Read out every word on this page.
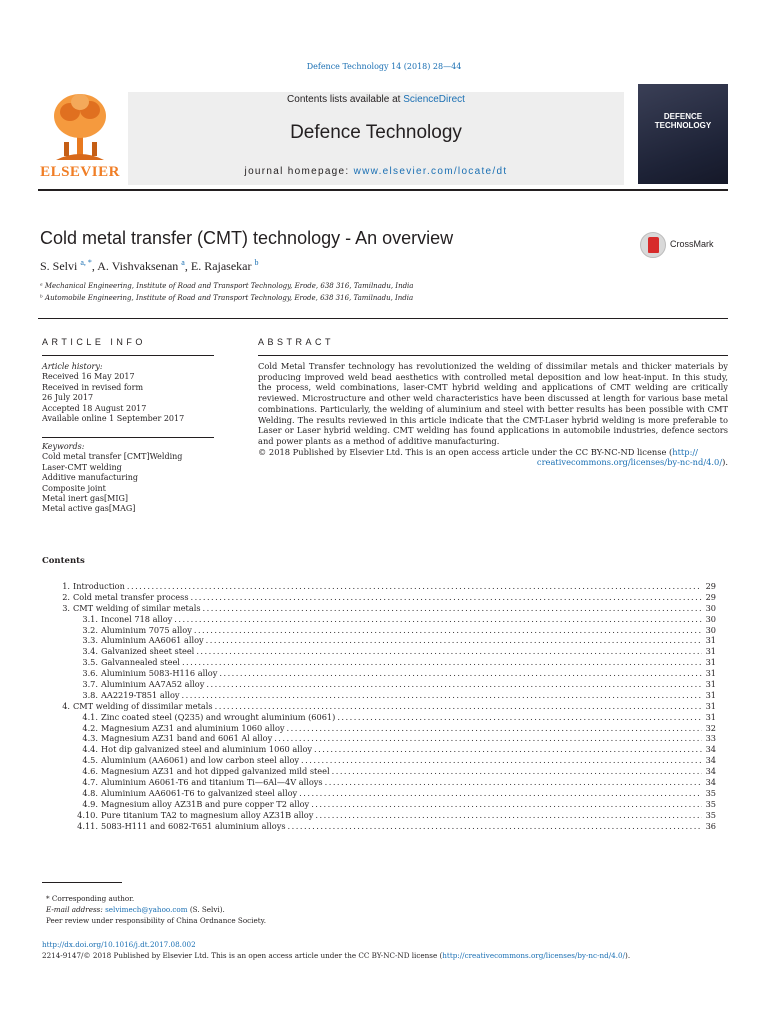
Defence Technology 14 (2018) 28—44
ELSEVIER
Contents lists available at ScienceDirect
Defence Technology
journal homepage: www.elsevier.com/locate/dt
DEFENCE
TECHNOLOGY
Cold metal transfer (CMT) technology - An overview	CrossMark
S. Selvi $^{a, *}$, A. Vishvaksenan $^a$, E. Rajasekar $^b$
ᵃ Mechanical Engineering, Institute of Road and Transport Technology, Erode, 638 316, Tamilnadu, India
ᵇ Automobile Engineering, Institute of Road and Transport Technology, Erode, 638 316, Tamilnadu, India
ARTICLE INFO	ABSTRACT
Article history:
Received 16 May 2017
Received in revised form
26 July 2017
Accepted 18 August 2017
Available online 1 September 2017
Keywords:
Cold metal transfer [CMT]Welding
Laser-CMT welding
Additive manufacturing
Composite joint
Metal inert gas[MIG]
Metal active gas[MAG]
Cold Metal Transfer technology has revolutionized the welding of dissimilar metals and thicker materials by producing improved weld bead aesthetics with controlled metal deposition and low heat-input. In this study, the process, weld combinations, laser-CMT hybrid welding and applications of CMT welding are critically reviewed. Microstructure and other weld characteristics have been discussed at length for various base metal combinations. Particularly, the welding of aluminium and steel with better results has been possible with CMT Welding. The results reviewed in this article indicate that the CMT-Laser hybrid welding is more preferable to Laser or Laser hybrid welding. CMT welding has found applications in automobile industries, defence sectors and power plants as a method of additive manufacturing.
© 2018 Published by Elsevier Ltd. This is an open access article under the CC BY-NC-ND license (http://
creativecommons.org/licenses/by-nc-nd/4.0/).
Contents
1. Introduction .....	29
2. Cold metal transfer process .....	29
3. CMT welding of similar metals .....	30
3.1. Inconel 718 alloy .....	30
3.2. Aluminium 7075 alloy .....	30
3.3. Aluminium AA6061 alloy .....	31
3.4. Galvanized sheet steel .....	31
3.5. Galvannealed steel .....	31
3.6. Aluminium 5083-H116 alloy .....	31
3.7. Aluminium AA7A52 alloy .....	31
3.8. AA2219-T851 alloy .....	31
4. CMT welding of dissimilar metals .....	31
4.1. Zinc coated steel (Q235) and wrought aluminium (6061) .....	31
4.2. Magnesium AZ31 and aluminium 1060 alloy .....	32
4.3. Magnesium AZ31 band and 6061 Al alloy .....	33
4.4. Hot dip galvanized steel and aluminium 1060 alloy .....	34
4.5. Aluminium (AA6061) and low carbon steel alloy .....	34
4.6. Magnesium AZ31 and hot dipped galvanized mild steel .....	34
4.7. Aluminium A6061-T6 and titanium Ti—6Al—4V alloys .....	34
4.8. Aluminium AA6061-T6 to galvanized steel alloy .....	35
4.9. Magnesium alloy AZ31B and pure copper T2 alloy .....	35
4.10. Pure titanium TA2 to magnesium alloy AZ31B alloy .....	35
4.11. 5083-H111 and 6082-T651 aluminium alloys .....	36
* Corresponding author.
E-mail address: selvimech@yahoo.com (S. Selvi).
Peer review under responsibility of China Ordnance Society.
http://dx.doi.org/10.1016/j.dt.2017.08.002
2214-9147/© 2018 Published by Elsevier Ltd. This is an open access article under the CC BY-NC-ND license (http://creativecommons.org/licenses/by-nc-nd/4.0/).
